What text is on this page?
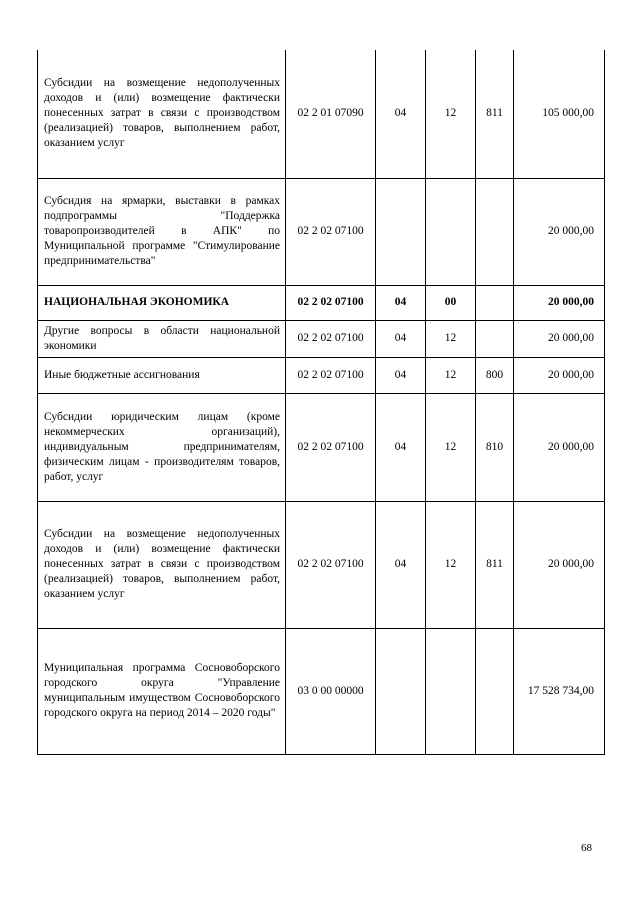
Субсидии на возмещение недополученных доходов и (или) возмещение фактически понесенных затрат в связи с производством (реализацией) товаров, выполнением работ, оказанием услуг	02 2 01 07090	04	12	811	105 000,00
Субсидия на ярмарки, выставки в рамках подпрограммы "Поддержка товаропроизводителей в АПК" по Муниципальной программе "Стимулирование предпринимательства"	02 2 02 07100				20 000,00
НАЦИОНАЛЬНАЯ ЭКОНОМИКА	02 2 02 07100	04	00		20 000,00
Другие вопросы в области национальной экономики	02 2 02 07100	04	12		20 000,00
Иные бюджетные ассигнования	02 2 02 07100	04	12	800	20 000,00
Субсидии юридическим лицам (кроме некоммерческих организаций), индивидуальным предпринимателям, физическим лицам - производителям товаров, работ, услуг	02 2 02 07100	04	12	810	20 000,00
Субсидии на возмещение недополученных доходов и (или) возмещение фактически понесенных затрат в связи с производством (реализацией) товаров, выполнением работ, оказанием услуг	02 2 02 07100	04	12	811	20 000,00
Муниципальная программа Сосновоборского городского округа "Управление муниципальным имуществом Сосновоборского городского округа на период 2014 – 2020 годы"	03 0 00 00000				17 528 734,00
68
